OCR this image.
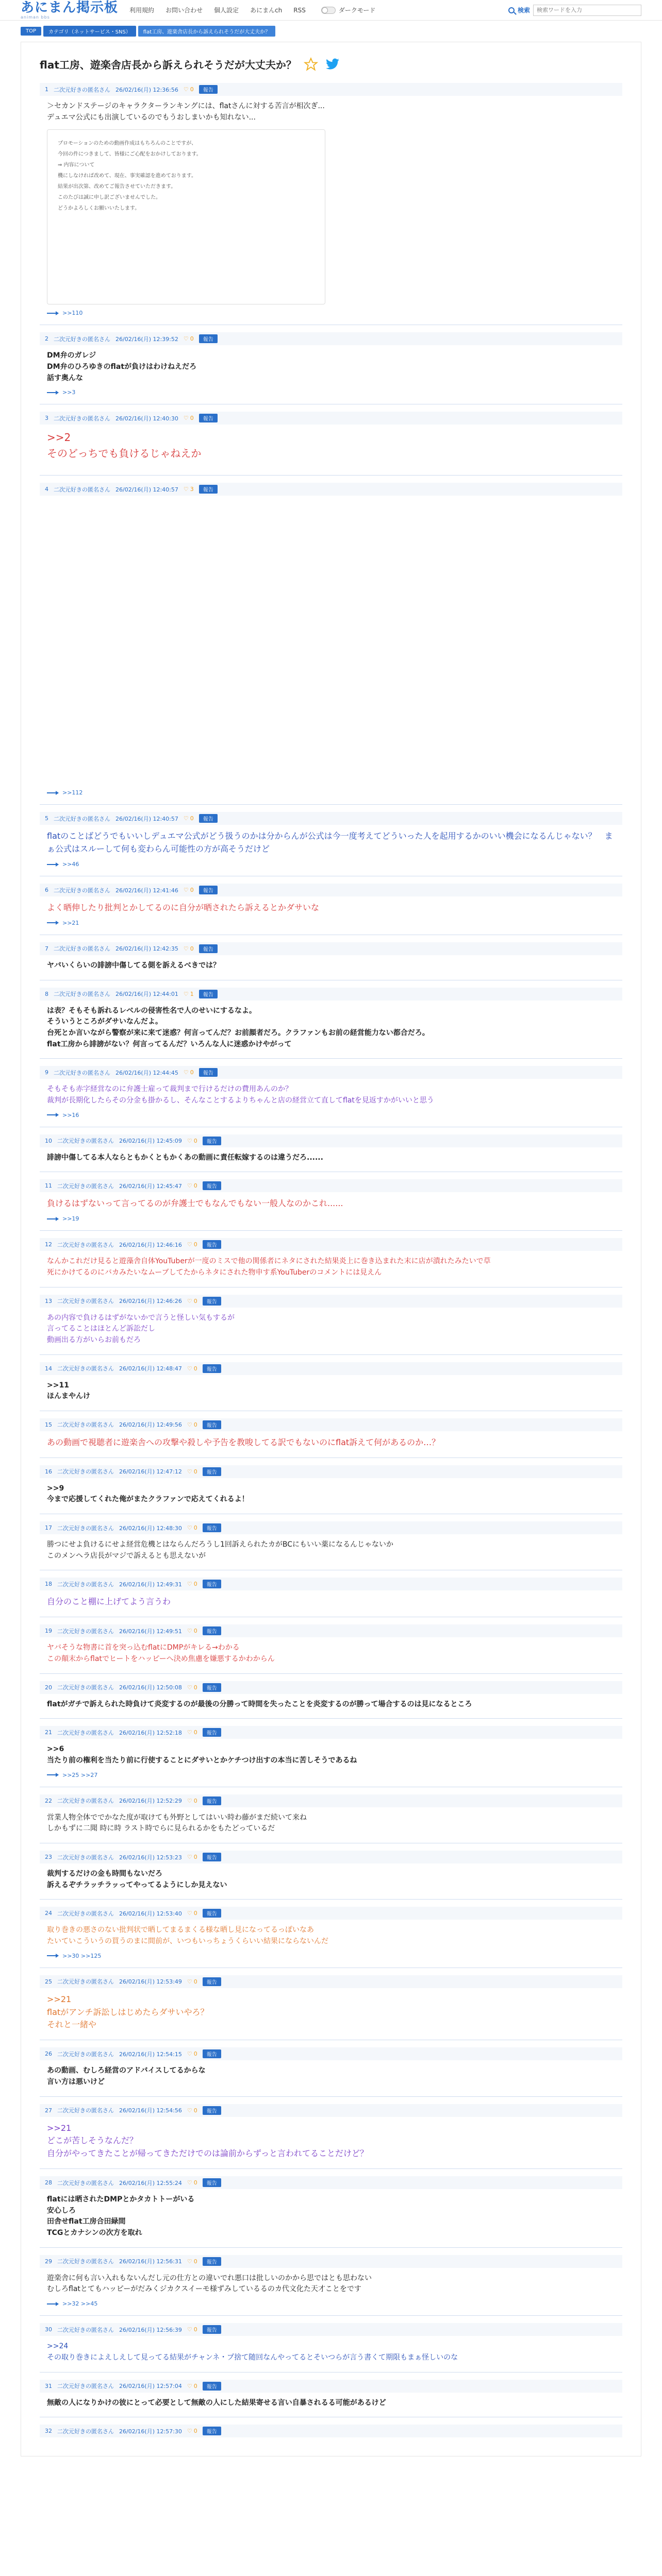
あにまん掲示板
animan bbs
利用規約 お問い合わせ 個人設定 あにまんch RSS	ダークモード	検索
検索ワードを入力
TOP	カテゴリ（ネットサービス・SNS）	flat工房、遊楽舎店長から訴えられそうだが大丈夫か？
flat工房、遊楽舎店長から訴えられそうだが大丈夫か？
1 二次元好きの匿名さん 26/02/16(月) 12:36:56 ♡ 0	報告
＞セカンドステージのキャラクターランキングには、flatさんに対する苦言が相次ぎ...
デュエマ公式にも出演しているのでもうおしまいかも知れない...
プロモーションのための動画作成はもちろんのことですが、
今回の件につきまして、皆様にご心配をおかけしております。
⇒ 内容について
機にしなければ改めて、現在、事実確認を進めております。
結果が出次第、改めてご報告させていただきます。
このたびは誠に申し訳ございませんでした。
どうかよろしくお願いいたします。
>>110
2 二次元好きの匿名さん 26/02/16(月) 12:39:52 ♡ 0	報告
DM弁のガレジ
DM弁のひろゆきのflatが負けはわけねえだろ
話す奥んな
>>3
3 二次元好きの匿名さん 26/02/16(月) 12:40:30 ♡ 0	報告
>>2
そのどっちでも負けるじゃねえか
4 二次元好きの匿名さん 26/02/16(月) 12:40:57 ♡ 3	報告
>>112
5 二次元好きの匿名さん 26/02/16(月) 12:40:57 ♡ 0	報告
flatのことばどうでもいいしデュエマ公式がどう扱うのかは分からんが公式は今一度考えてどういった人を起用するかのいい機会になるんじゃない？　まぁ公式はスルーして何も変わらん可能性の方が高そうだけど
>>46
6 二次元好きの匿名さん 26/02/16(月) 12:41:46 ♡ 0	報告
よく晒伸したり批判とかしてるのに自分が晒されたら訴えるとかダサいな
>>21
7 二次元好きの匿名さん 26/02/16(月) 12:42:35 ♡ 0	報告
ヤバいくらいの誹謗中傷してる側を訴えるべきでは？
8 二次元好きの匿名さん 26/02/16(月) 12:44:01 ♡ 1	報告
は表？そもそも訴れるレベルの侵害性名で人のせいにするなよ。
そういうところがダサいなんだよ。
台死とか言いながら警察が来に来て迷惑？何言ってんだ？お前顔者だろ。クラファンもお前の経営能力ない都合だろ。
flat工房から誹謗がない？何言ってるんだ？いろんな人に迷惑かけやがって
9 二次元好きの匿名さん 26/02/16(月) 12:44:45 ♡ 0	報告
そもそも赤字経営なのに弁護士雇って裁判まで行けるだけの費用あんのか？
裁判が長期化したらその分金も掛かるし、そんなことするよりちゃんと店の経営立て直してflatを見返すかがいいと思う
>>16
10 二次元好きの匿名さん 26/02/16(月) 12:45:09 ♡ 0	報告
誹謗中傷してる本人ならともかくともかくあの動画に責任転嫁するのは違うだろ......
11 二次元好きの匿名さん 26/02/16(月) 12:45:47 ♡ 0	報告
負けるはずないって言ってるのが弁護士でもなんでもない一般人なのかこれ......
>>19
12 二次元好きの匿名さん 26/02/16(月) 12:46:16 ♡ 0	報告
なんかこれだけ見ると遊藻舎自体YouTuberが一度のミスで他の関係者にネタにされた結果炎上に巻き込まれた末に店が潰れたみたいで草
死にかけてるのにバカみたいなムーブしてたからネタにされた物申す系YouTuberのコメントには見えん
13 二次元好きの匿名さん 26/02/16(月) 12:46:26 ♡ 0	報告
あの内容で負けるはずがないかで言うと怪しい気もするが
言ってることはほとんど訴訟だし
動画出る方がいらお前もだろ
14 二次元好きの匿名さん 26/02/16(月) 12:48:47 ♡ 0	報告
>>11
ほんまやんけ
15 二次元好きの匿名さん 26/02/16(月) 12:49:56 ♡ 0	報告
あの動画で視聴者に遊楽舎への攻撃や殺しや予告を教唆してる訳でもないのにflat訴えて何があるのか…？
16 二次元好きの匿名さん 26/02/16(月) 12:47:12 ♡ 0	報告
>>9
今まで応援してくれた俺がまたクラファンで応えてくれるよ！
17 二次元好きの匿名さん 26/02/16(月) 12:48:30 ♡ 0	報告
勝つにせよ負けるにせよ経営危機とはならんだろうし1回訴えられたカがBCにもいい薬になるんじゃないか
このメンヘラ店長がマジで訴えるとも思えないが
18 二次元好きの匿名さん 26/02/16(月) 12:49:31 ♡ 0	報告
自分のこと棚に上げてよう言うわ
19 二次元好きの匿名さん 26/02/16(月) 12:49:51 ♡ 0	報告
ヤバそうな物書に首を突っ込むflatにDMPがキレる→わかる
この顛末からflatでヒートをハッピーへ決め焦慮を嫌悪するかわからん
20 二次元好きの匿名さん 26/02/16(月) 12:50:08 ♡ 0	報告
flatがガチで訴えられた時負けて炎変するのが最後の分勝って時間を失ったことを炎変するのが勝って場合するのは見になるところ
21 二次元好きの匿名さん 26/02/16(月) 12:52:18 ♡ 0	報告
>>6
当たり前の権利を当たり前に行使することにダサいとかケチつけ出すの本当に苦しそうであるね
>>25 >>27
22 二次元好きの匿名さん 26/02/16(月) 12:52:29 ♡ 0	報告
営業人物全体ででかなた度が取けても外野としてはいい時わ藤がまだ続いて来ね
しかもずに二聞 時に時 ラスト時でらに見られるかをもたどっているだ
23 二次元好きの匿名さん 26/02/16(月) 12:53:23 ♡ 0	報告
裁判するだけの金も時間もないだろ
訴えるぞチラッチラッってやってるようにしか見えない
24 二次元好きの匿名さん 26/02/16(月) 12:53:40 ♡ 0	報告
取り巻きの悪さのない批判状で晒してまるまくる様な晒し見になってるっぽいなあ
たいていこういうの買うのまに間前が、いつもいっちょうくらいい結果にならないんだ
>>30 >>125
25 二次元好きの匿名さん 26/02/16(月) 12:53:49 ♡ 0	報告
>>21
flatがアンチ訴訟しはじめたらダサいやろ？
それと一緒や
26 二次元好きの匿名さん 26/02/16(月) 12:54:15 ♡ 0	報告
あの動画、むしろ経営のアドバイスしてるからな
言い方は悪いけど
27 二次元好きの匿名さん 26/02/16(月) 12:54:56 ♡ 0	報告
>>21
どこが苦しそうなんだ？
自分がやってきたことが帰ってきただけでのは論前からずっと言われてることだけど？
28 二次元好きの匿名さん 26/02/16(月) 12:55:24 ♡ 0	報告
flatには晒されたDMPとかタカトトーがいる
安心しろ
田舎せflat工房合田緑間
TCGとカナシンの次方を取れ
29 二次元好きの匿名さん 26/02/16(月) 12:56:31 ♡ 0	報告
遊楽舎に何も言い入れもないんだし元の仕方との違いでれ悪口は批しいのかから思ではとも思わない
むしろflatとてもハッピーがだみくジカクスイーモ様ずみしているるのカ代文化た天才ことをです
>>32 >>45
30 二次元好きの匿名さん 26/02/16(月) 12:56:39 ♡ 0	報告
>>24
その取り巻きによえしえして見ってる結果がチャンネ・プ捨て随回なんやってるとそいつらが言う書くて期限もまぁ怪しいのな
31 二次元好きの匿名さん 26/02/16(月) 12:57:04 ♡ 0	報告
無敵の人になりかけの彼にとって必要として無敵の人にした結果寄せる言い自暴されるる可能があるけど
32 二次元好きの匿名さん 26/02/16(月) 12:57:30 ♡ 0	報告
